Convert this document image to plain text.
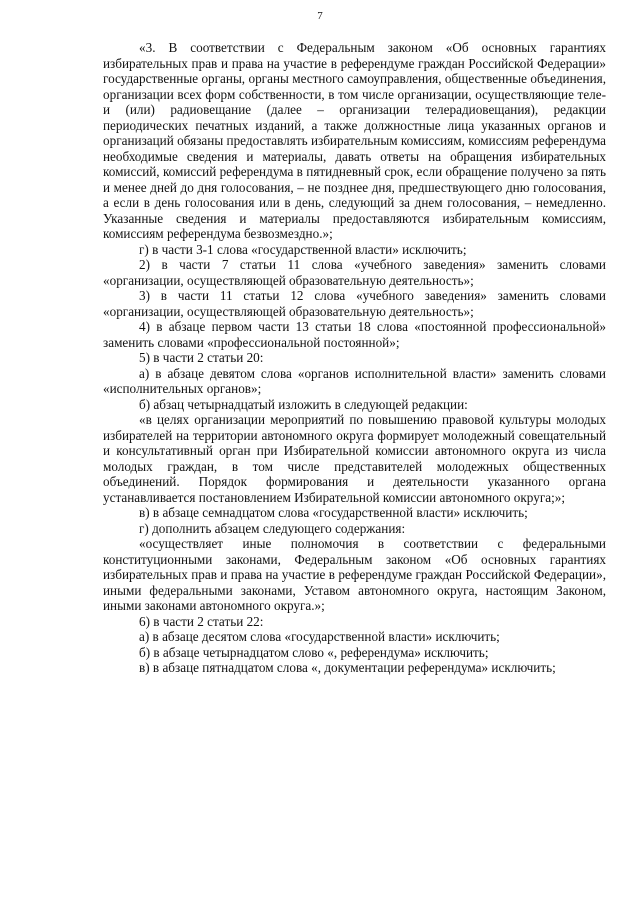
7

«3. В соответствии с Федеральным законом «Об основных гарантиях избирательных прав и права на участие в референдуме граждан Российской Федерации» государственные органы, органы местного самоуправления, общественные объединения, организации всех форм собственности, в том числе организации, осуществляющие теле- и (или) радиовещание (далее – организации телерадиовещания), редакции периодических печатных изданий, а также должностные лица указанных органов и организаций обязаны предоставлять избирательным комиссиям, комиссиям референдума необходимые сведения и материалы, давать ответы на обращения избирательных комиссий, комиссий референдума в пятидневный срок, если обращение получено за пять и менее дней до дня голосования, – не позднее дня, предшествующего дню голосования, а если в день голосования или в день, следующий за днем голосования, – немедленно. Указанные сведения и материалы предоставляются избирательным комиссиям, комиссиям референдума безвозмездно.»;

г) в части 3-1 слова «государственной власти» исключить;

2) в части 7 статьи 11 слова «учебного заведения» заменить словами «организации, осуществляющей образовательную деятельность»;

3) в части 11 статьи 12 слова «учебного заведения» заменить словами «организации, осуществляющей образовательную деятельность»;

4) в абзаце первом части 13 статьи 18 слова «постоянной профессиональной» заменить словами «профессиональной постоянной»;

5) в части 2 статьи 20:

а) в абзаце девятом слова «органов исполнительной власти» заменить словами «исполнительных органов»;

б) абзац четырнадцатый изложить в следующей редакции:

«в целях организации мероприятий по повышению правовой культуры молодых избирателей на территории автономного округа формирует молодежный совещательный и консультативный орган при Избирательной комиссии автономного округа из числа молодых граждан, в том числе представителей молодежных общественных объединений. Порядок формирования и деятельности указанного органа устанавливается постановлением Избирательной комиссии автономного округа;»;

в) в абзаце семнадцатом слова «государственной власти» исключить;

г) дополнить абзацем следующего содержания:

«осуществляет иные полномочия в соответствии с федеральными конституционными законами, Федеральным законом «Об основных гарантиях избирательных прав и права на участие в референдуме граждан Российской Федерации», иными федеральными законами, Уставом автономного округа, настоящим Законом, иными законами автономного округа.»;

6) в части 2 статьи 22:

а) в абзаце десятом слова «государственной власти» исключить;

б) в абзаце четырнадцатом слово «, референдума» исключить;

в) в абзаце пятнадцатом слова «, документации референдума» исключить;
